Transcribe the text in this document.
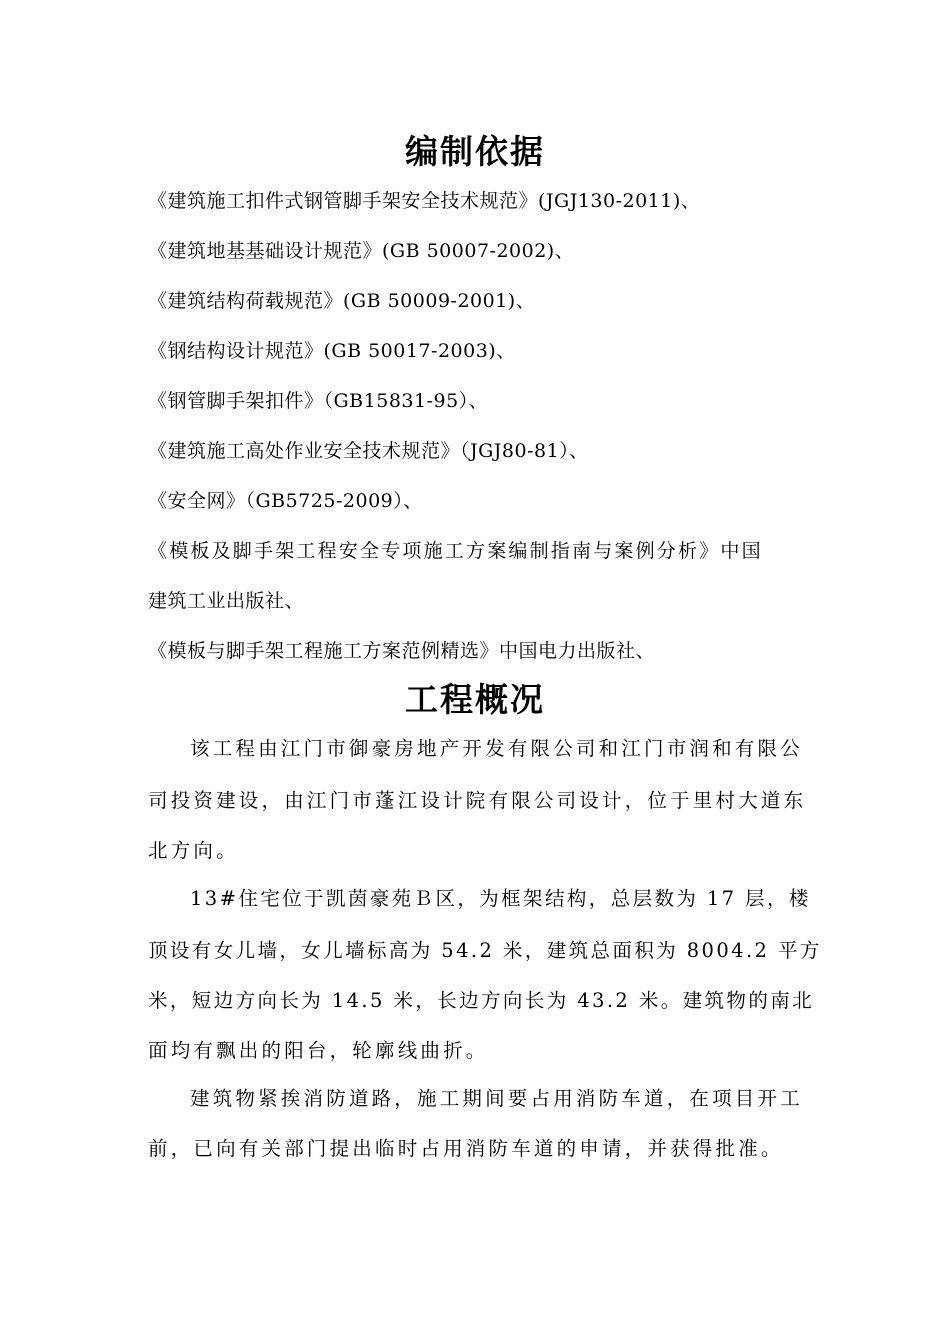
编制依据
《建筑施工扣件式钢管脚手架安全技术规范》(JGJ130-2011)、
《建筑地基基础设计规范》(GB 50007-2002)、
《建筑结构荷载规范》(GB 50009-2001)、
《钢结构设计规范》(GB 50017-2003)、
《钢管脚手架扣件》（GB15831-95）、
《建筑施工高处作业安全技术规范》（JGJ80-81）、
《安全网》（GB5725-2009）、
《模板及脚手架工程安全专项施工方案编制指南与案例分析》中国
建筑工业出版社、
《模板与脚手架工程施工方案范例精选》中国电力出版社、
工程概况
该工程由江门市御豪房地产开发有限公司和江门市润和有限公
司投资建设，由江门市蓬江设计院有限公司设计，位于里村大道东
北方向。
13#住宅位于凯茵豪苑Ｂ区，为框架结构，总层数为 17 层，楼
顶设有女儿墙，女儿墙标高为 54.2 米，建筑总面积为 8004.2 平方
米，短边方向长为 14.5 米，长边方向长为 43.2 米。建筑物的南北
面均有飘出的阳台，轮廓线曲折。
建筑物紧挨消防道路，施工期间要占用消防车道，在项目开工
前，已向有关部门提出临时占用消防车道的申请，并获得批准。
